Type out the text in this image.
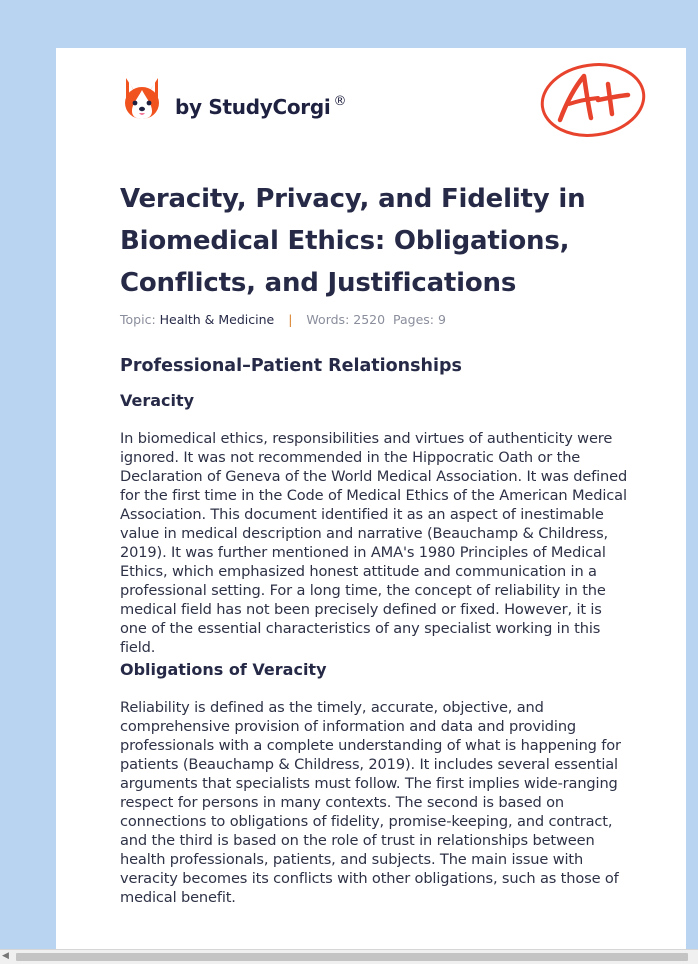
by StudyCorgi ®
Veracity, Privacy, and Fidelity in Biomedical Ethics: Obligations, Conflicts, and Justifications
Topic: Health & Medicine | Words: 2520 Pages: 9
Professional–Patient Relationships
Veracity

In biomedical ethics, responsibilities and virtues of authenticity were ignored. It was not recommended in the Hippocratic Oath or the Declaration of Geneva of the World Medical Association. It was defined for the first time in the Code of Medical Ethics of the American Medical Association. This document identified it as an aspect of inestimable value in medical description and narrative (Beauchamp & Childress, 2019). It was further mentioned in AMA's 1980 Principles of Medical Ethics, which emphasized honest attitude and communication in a professional setting. For a long time, the concept of reliability in the medical field has not been precisely defined or fixed. However, it is one of the essential characteristics of any specialist working in this field.

Obligations of Veracity

Reliability is defined as the timely, accurate, objective, and comprehensive provision of information and data and providing professionals with a complete understanding of what is happening for patients (Beauchamp & Childress, 2019). It includes several essential arguments that specialists must follow. The first implies wide-ranging respect for persons in many contexts. The second is based on connections to obligations of fidelity, promise-keeping, and contract, and the third is based on the role of trust in relationships between health professionals, patients, and subjects. The main issue with veracity becomes its conflicts with other obligations, such as those of medical benefit.

◀
